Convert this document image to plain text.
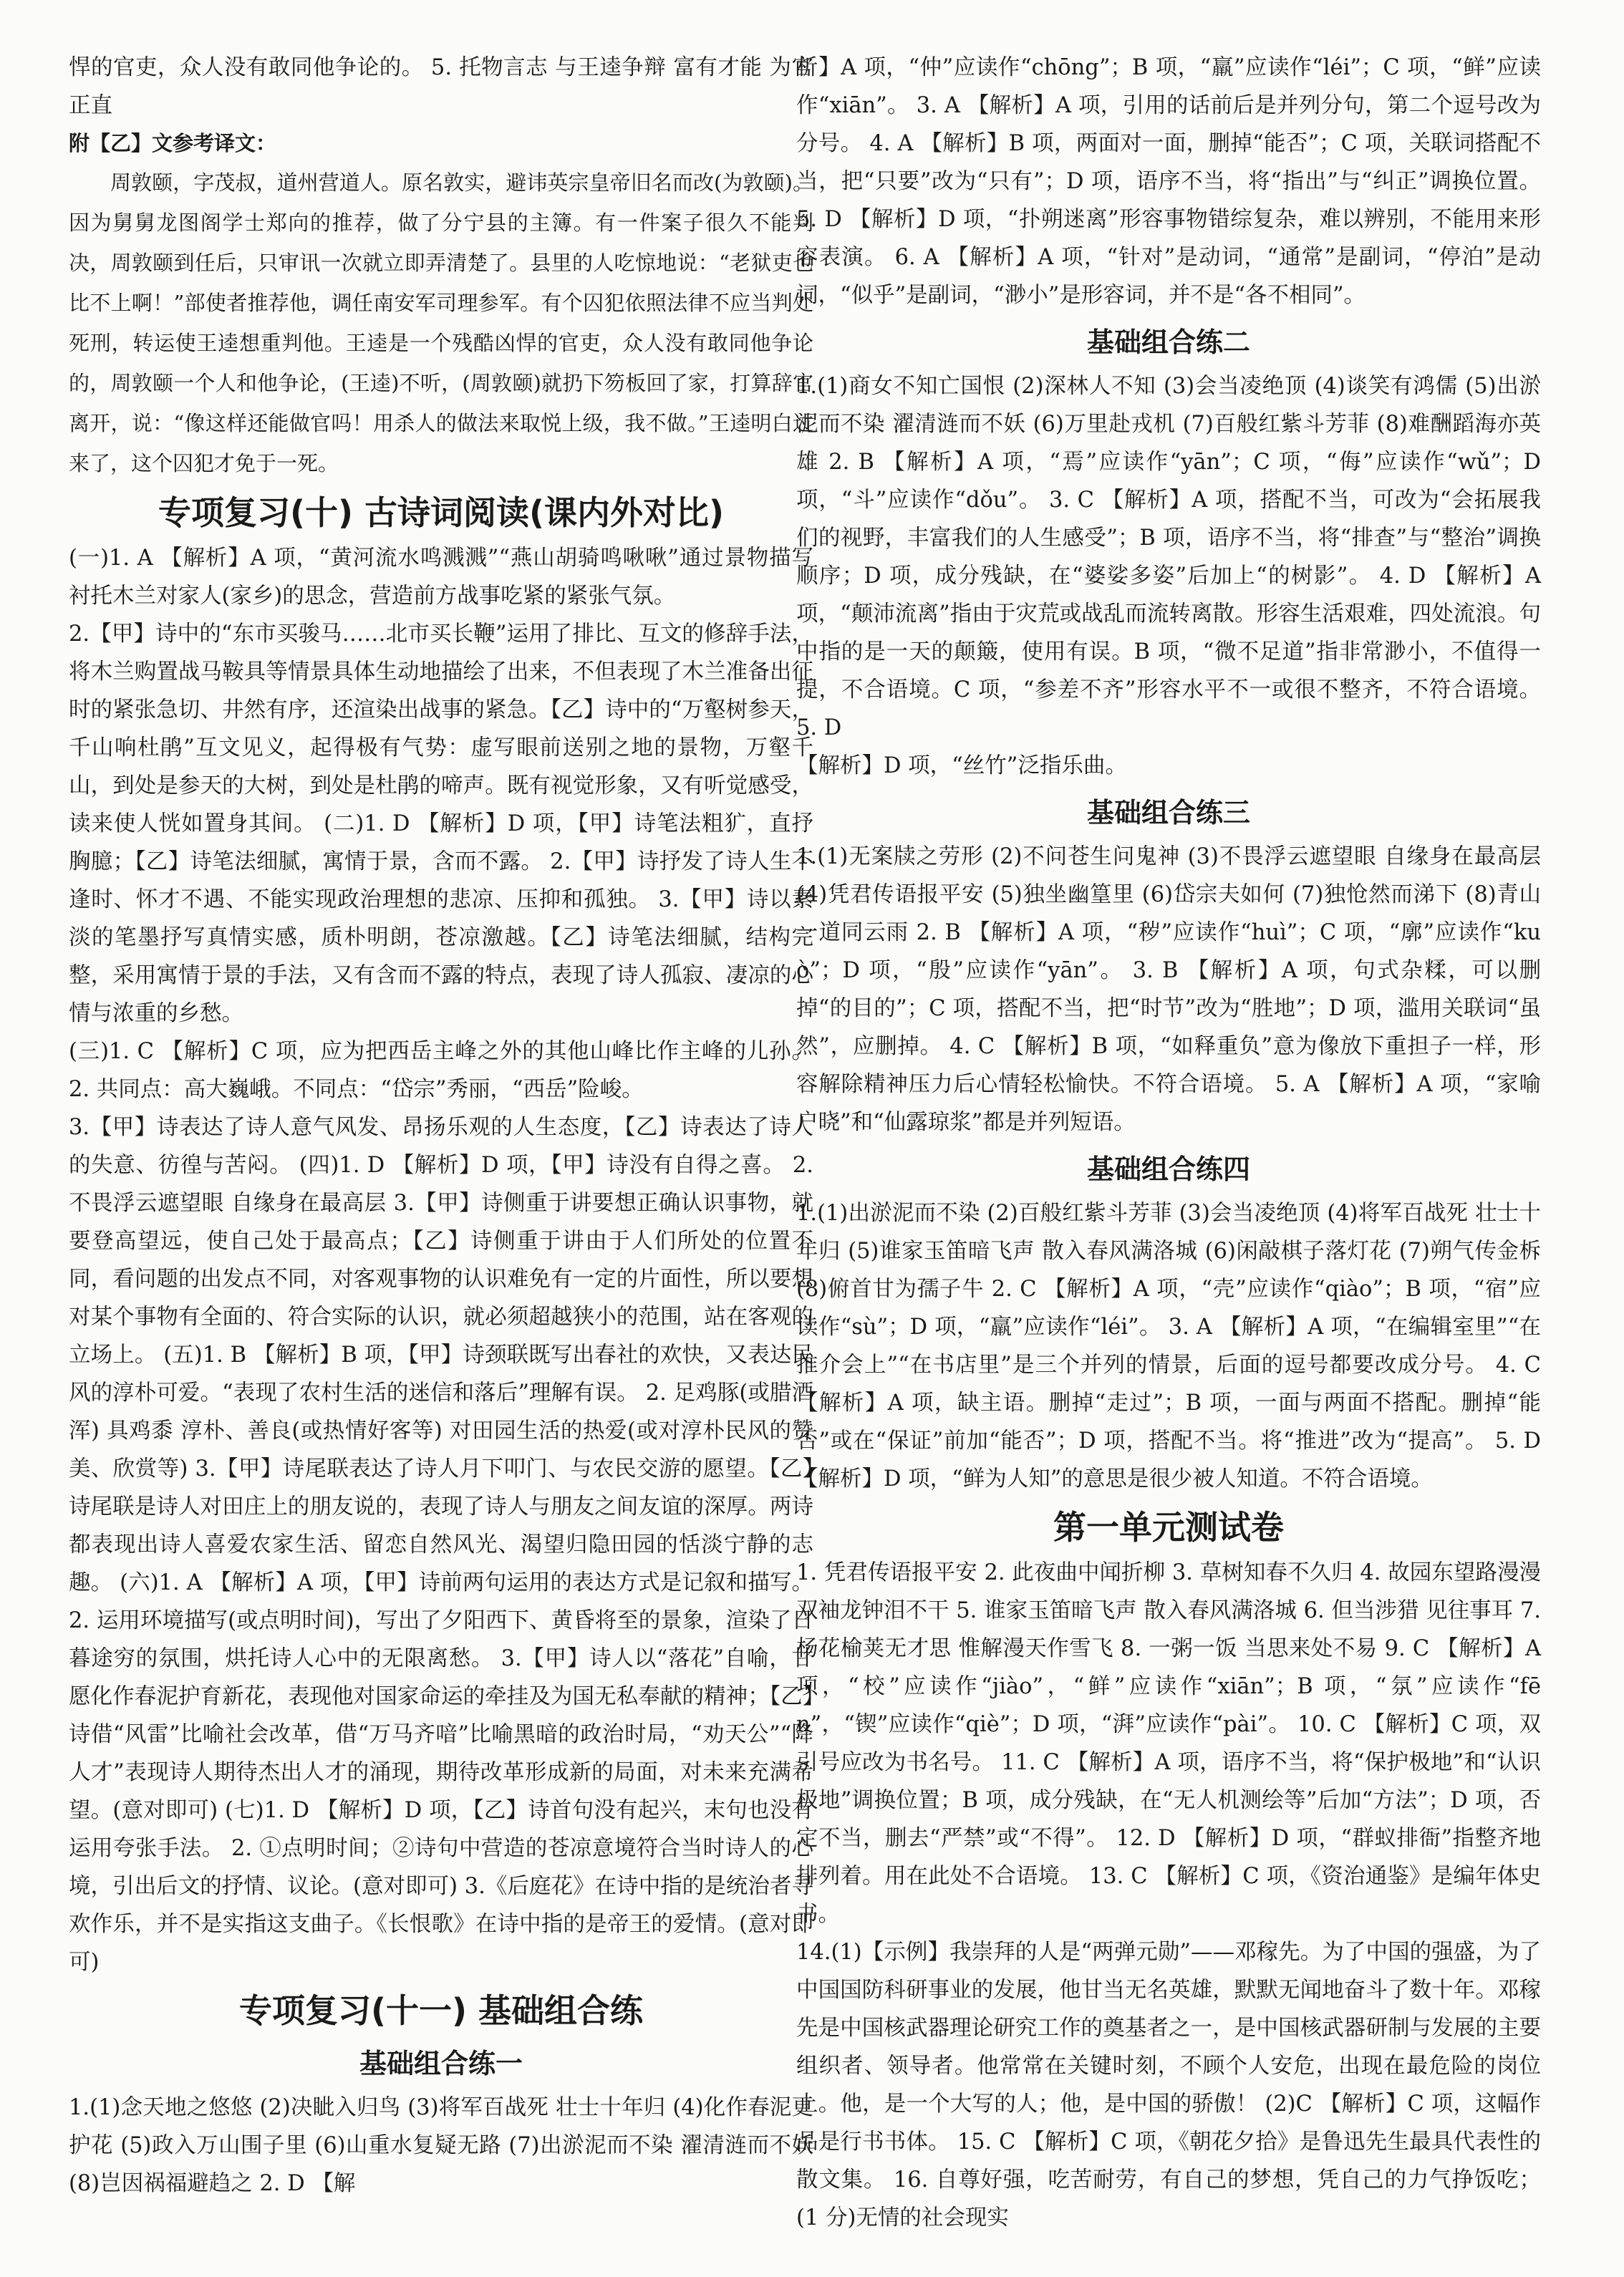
悍的官吏，众人没有敢同他争论的。 5. 托物言志 与王逵争辩 富有才能 为官正直

附【乙】文参考译文：

周敦颐，字茂叔，道州营道人。原名敦实，避讳英宗皇帝旧名而改(为敦颐)。因为舅舅龙图阁学士郑向的推荐，做了分宁县的主簿。有一件案子很久不能判决，周敦颐到任后，只审讯一次就立即弄清楚了。县里的人吃惊地说：“老狱吏也比不上啊！”部使者推荐他，调任南安军司理参军。有个囚犯依照法律不应当判处死刑，转运使王逵想重判他。王逵是一个残酷凶悍的官吏，众人没有敢同他争论的，周敦颐一个人和他争论，(王逵)不听，(周敦颐)就扔下笏板回了家，打算辞官离开，说：“像这样还能做官吗！用杀人的做法来取悦上级，我不做。”王逵明白过来了，这个囚犯才免于一死。

专项复习(十) 古诗词阅读(课内外对比)

(一)1. A 【解析】A 项，“黄河流水鸣溅溅”“燕山胡骑鸣啾啾”通过景物描写衬托木兰对家人(家乡)的思念，营造前方战事吃紧的紧张气氛。

2.【甲】诗中的“东市买骏马……北市买长鞭”运用了排比、互文的修辞手法，将木兰购置战马鞍具等情景具体生动地描绘了出来，不但表现了木兰准备出征时的紧张急切、井然有序，还渲染出战事的紧急。【乙】诗中的“万壑树参天，千山响杜鹃”互文见义，起得极有气势：虚写眼前送别之地的景物，万壑千山，到处是参天的大树，到处是杜鹃的啼声。既有视觉形象，又有听觉感受，读来使人恍如置身其间。 (二)1. D 【解析】D 项，【甲】诗笔法粗犷，直抒胸臆；【乙】诗笔法细腻，寓情于景，含而不露。 2.【甲】诗抒发了诗人生不逢时、怀才不遇、不能实现政治理想的悲凉、压抑和孤独。 3.【甲】诗以素淡的笔墨抒写真情实感，质朴明朗，苍凉激越。【乙】诗笔法细腻，结构完整，采用寓情于景的手法，又有含而不露的特点，表现了诗人孤寂、凄凉的心情与浓重的乡愁。

(三)1. C 【解析】C 项，应为把西岳主峰之外的其他山峰比作主峰的儿孙。 2. 共同点：高大巍峨。不同点：“岱宗”秀丽，“西岳”险峻。

3.【甲】诗表达了诗人意气风发、昂扬乐观的人生态度，【乙】诗表达了诗人的失意、彷徨与苦闷。 (四)1. D 【解析】D 项，【甲】诗没有自得之喜。 2. 不畏浮云遮望眼 自缘身在最高层 3.【甲】诗侧重于讲要想正确认识事物，就要登高望远，使自己处于最高点；【乙】诗侧重于讲由于人们所处的位置不同，看问题的出发点不同，对客观事物的认识难免有一定的片面性，所以要想对某个事物有全面的、符合实际的认识，就必须超越狭小的范围，站在客观的立场上。 (五)1. B 【解析】B 项，【甲】诗颈联既写出春社的欢快，又表达民风的淳朴可爱。“表现了农村生活的迷信和落后”理解有误。 2. 足鸡豚(或腊酒浑) 具鸡黍 淳朴、善良(或热情好客等) 对田园生活的热爱(或对淳朴民风的赞美、欣赏等) 3.【甲】诗尾联表达了诗人月下叩门、与农民交游的愿望。【乙】诗尾联是诗人对田庄上的朋友说的，表现了诗人与朋友之间友谊的深厚。两诗都表现出诗人喜爱农家生活、留恋自然风光、渴望归隐田园的恬淡宁静的志趣。 (六)1. A 【解析】A 项，【甲】诗前两句运用的表达方式是记叙和描写。 2. 运用环境描写(或点明时间)，写出了夕阳西下、黄昏将至的景象，渲染了日暮途穷的氛围，烘托诗人心中的无限离愁。 3.【甲】诗人以“落花”自喻，甘愿化作春泥护育新花，表现他对国家命运的牵挂及为国无私奉献的精神；【乙】诗借“风雷”比喻社会改革，借“万马齐喑”比喻黑暗的政治时局，“劝天公”“降人才”表现诗人期待杰出人才的涌现，期待改革形成新的局面，对未来充满希望。(意对即可) (七)1. D 【解析】D 项，【乙】诗首句没有起兴，末句也没有运用夸张手法。 2. ①点明时间；②诗句中营造的苍凉意境符合当时诗人的心境，引出后文的抒情、议论。(意对即可) 3.《后庭花》在诗中指的是统治者寻欢作乐，并不是实指这支曲子。《长恨歌》在诗中指的是帝王的爱情。(意对即可)

专项复习(十一) 基础组合练
基础组合练一

1.(1)念天地之悠悠 (2)决眦入归鸟 (3)将军百战死 壮士十年归 (4)化作春泥更护花 (5)政入万山围子里 (6)山重水复疑无路 (7)出淤泥而不染 濯清涟而不妖 (8)岂因祸福避趋之 2. D 【解

析】A 项，“仲”应读作“chōng”；B 项，“羸”应读作“léi”；C 项，“鲜”应读作“xiān”。 3. A 【解析】A 项，引用的话前后是并列分句，第二个逗号改为分号。 4. A 【解析】B 项，两面对一面，删掉“能否”；C 项，关联词搭配不当，把“只要”改为“只有”；D 项，语序不当，将“指出”与“纠正”调换位置。 5. D 【解析】D 项，“扑朔迷离”形容事物错综复杂，难以辨别，不能用来形容表演。 6. A 【解析】A 项，“针对”是动词，“通常”是副词，“停泊”是动词，“似乎”是副词，“渺小”是形容词，并不是“各不相同”。

基础组合练二

1.(1)商女不知亡国恨 (2)深林人不知 (3)会当凌绝顶 (4)谈笑有鸿儒 (5)出淤泥而不染 濯清涟而不妖 (6)万里赴戎机 (7)百般红紫斗芳菲 (8)难酬蹈海亦英雄 2. B 【解析】A 项，“焉”应读作“yān”；C 项，“侮”应读作“wǔ”；D 项，“斗”应读作“dǒu”。 3. C 【解析】A 项，搭配不当，可改为“会拓展我们的视野，丰富我们的人生感受”；B 项，语序不当，将“排查”与“整治”调换顺序；D 项，成分残缺，在“婆娑多姿”后加上“的树影”。 4. D 【解析】A 项，“颠沛流离”指由于灾荒或战乱而流转离散。形容生活艰难，四处流浪。句中指的是一天的颠簸，使用有误。B 项，“微不足道”指非常渺小，不值得一提，不合语境。C 项，“参差不齐”形容水平不一或很不整齐，不符合语境。 5. D

【解析】D 项，“丝竹”泛指乐曲。

基础组合练三

1.(1)无案牍之劳形 (2)不问苍生问鬼神 (3)不畏浮云遮望眼 自缘身在最高层 (4)凭君传语报平安 (5)独坐幽篁里 (6)岱宗夫如何 (7)独怆然而涕下 (8)青山一道同云雨 2. B 【解析】A 项，“秽”应读作“huì”；C 项，“廓”应读作“kuò”；D 项，“殷”应读作“yān”。 3. B 【解析】A 项，句式杂糅，可以删掉“的目的”；C 项，搭配不当，把“时节”改为“胜地”；D 项，滥用关联词“虽然”，应删掉。 4. C 【解析】B 项，“如释重负”意为像放下重担子一样，形容解除精神压力后心情轻松愉快。不符合语境。 5. A 【解析】A 项，“家喻户晓”和“仙露琼浆”都是并列短语。

基础组合练四

1.(1)出淤泥而不染 (2)百般红紫斗芳菲 (3)会当凌绝顶 (4)将军百战死 壮士十年归 (5)谁家玉笛暗飞声 散入春风满洛城 (6)闲敲棋子落灯花 (7)朔气传金柝 (8)俯首甘为孺子牛 2. C 【解析】A 项，“壳”应读作“qiào”；B 项，“宿”应读作“sù”；D 项，“羸”应读作“léi”。 3. A 【解析】A 项，“在编辑室里”“在推介会上”“在书店里”是三个并列的情景，后面的逗号都要改成分号。 4. C 【解析】A 项，缺主语。删掉“走过”；B 项，一面与两面不搭配。删掉“能否”或在“保证”前加“能否”；D 项，搭配不当。将“推进”改为“提高”。 5. D 【解析】D 项，“鲜为人知”的意思是很少被人知道。不符合语境。

第一单元测试卷

1. 凭君传语报平安 2. 此夜曲中闻折柳 3. 草树知春不久归 4. 故园东望路漫漫 双袖龙钟泪不干 5. 谁家玉笛暗飞声 散入春风满洛城 6. 但当涉猎 见往事耳 7. 杨花榆荚无才思 惟解漫天作雪飞 8. 一粥一饭 当思来处不易 9. C 【解析】A 项，“校”应读作“jiào”，“鲜”应读作“xiān”；B 项，“氛”应读作“fēn”，“锲”应读作“qiè”；D 项，“湃”应读作“pài”。 10. C 【解析】C 项，双引号应改为书名号。 11. C 【解析】A 项，语序不当，将“保护极地”和“认识极地”调换位置；B 项，成分残缺，在“无人机测绘等”后加“方法”；D 项，否定不当，删去“严禁”或“不得”。 12. D 【解析】D 项，“群蚁排衙”指整齐地排列着。用在此处不合语境。 13. C 【解析】C 项，《资治通鉴》是编年体史书。

14.(1)【示例】我崇拜的人是“两弹元勋”——邓稼先。为了中国的强盛，为了中国国防科研事业的发展，他甘当无名英雄，默默无闻地奋斗了数十年。邓稼先是中国核武器理论研究工作的奠基者之一，是中国核武器研制与发展的主要组织者、领导者。他常常在关键时刻，不顾个人安危，出现在最危险的岗位上。他，是一个大写的人；他，是中国的骄傲！ (2)C 【解析】C 项，这幅作品是行书书体。 15. C 【解析】C 项，《朝花夕拾》是鲁迅先生最具代表性的散文集。 16. 自尊好强，吃苦耐劳，有自己的梦想，凭自己的力气挣饭吃；(1 分)无情的社会现实
